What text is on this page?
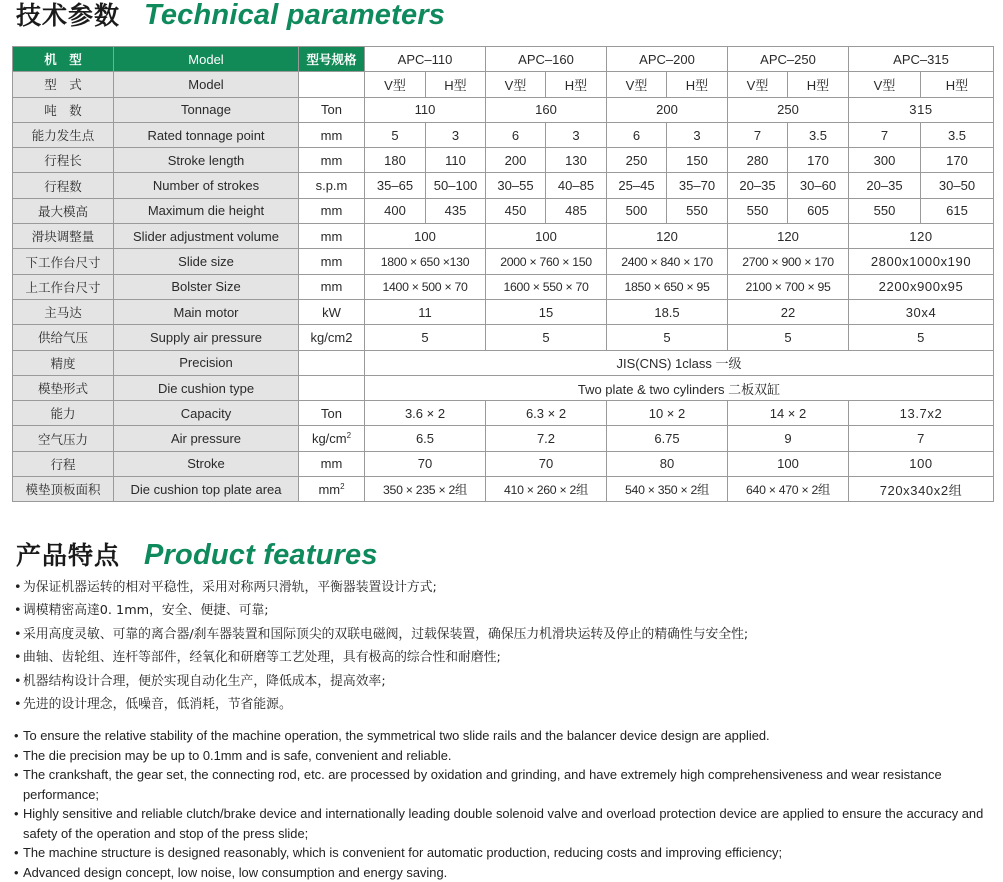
技术参数 Technical parameters
机　型	Model	型号规格	APC–110		APC–160		APC–200		APC–250		APC–315	
型　式	Model		V型	H型	V型	H型	V型	H型	V型	H型	V型	H型
吨　数	Tonnage	Ton	110		160		200		250		315	
能力发生点	Rated tonnage point	mm	5	3	6	3	6	3	7	3.5	7	3.5
行程长	Stroke length	mm	180	110	200	130	250	150	280	170	300	170
行程数	Number of strokes	s.p.m	35–65	50–100	30–55	40–85	25–45	35–70	20–35	30–60	20–35	30–50
最大模高	Maximum die height	mm	400	435	450	485	500	550	550	605	550	615
滑块调整量	Slider adjustment volume	mm	100		100		120		120		120	
下工作台尺寸	Slide size	mm	1800 × 650 ×130		2000 × 760 × 150		2400 × 840 × 170		2700 × 900 × 170		2800x1000x190	
上工作台尺寸	Bolster Size	mm	1400 × 500 × 70		1600 × 550 × 70		1850 × 650 × 95		2100 × 700 × 95		2200x900x95	
主马达	Main motor	kW	11		15		18.5		22		30x4	
供给气压	Supply air pressure	kg/cm2	5		5		5		5		5	
精度	Precision		JIS(CNS) 1class 一级									
模垫形式	Die cushion type		Two plate & two cylinders 二板双缸									
能力	Capacity	Ton	3.6 × 2		6.3 × 2		10 × 2		14 × 2		13.7x2	
空气压力	Air pressure	$kg/cm^2$	6.5		7.2		6.75		9		7	
行程	Stroke	mm	70		70		80		100		100	
模垫顶板面积	Die cushion top plate area	$mm^2$	350 × 235 × 2组		410 × 260 × 2组		540 × 350 × 2组		640 × 470 × 2组		720x340x2组	
产品特点 Product features
• 为保证机器运转的相对平稳性，采用对称两只滑轨，平衡器装置设计方式;
• 调模精密高達0. 1mm，安全、便捷、可靠;
• 采用高度灵敏、可靠的离合器/刹车器装置和国际顶尖的双联电磁阀，过载保装置，确保压力机滑块运转及停止的精确性与安全性;
• 曲轴、齿轮组、连杆等部件，经氧化和研磨等工艺处理，具有极高的综合性和耐磨性;
• 机器结构设计合理，便於实现自动化生产，降低成本，提高效率;
• 先进的设计理念，低噪音，低消耗，节省能源。
• To ensure the relative stability of the machine operation, the symmetrical two slide rails and the balancer device design are applied.
• The die precision may be up to 0.1mm and is safe, convenient and reliable.
• The crankshaft, the gear set, the connecting rod, etc. are processed by oxidation and grinding, and have extremely high comprehensiveness and wear resistance performance;
• Highly sensitive and reliable clutch/brake device and internationally leading double solenoid valve and overload protection device are applied to ensure the accuracy and safety of the operation and stop of the press slide;
• The machine structure is designed reasonably, which is convenient for automatic production, reducing costs and improving efficiency;
• Advanced design concept, low noise, low consumption and energy saving.
